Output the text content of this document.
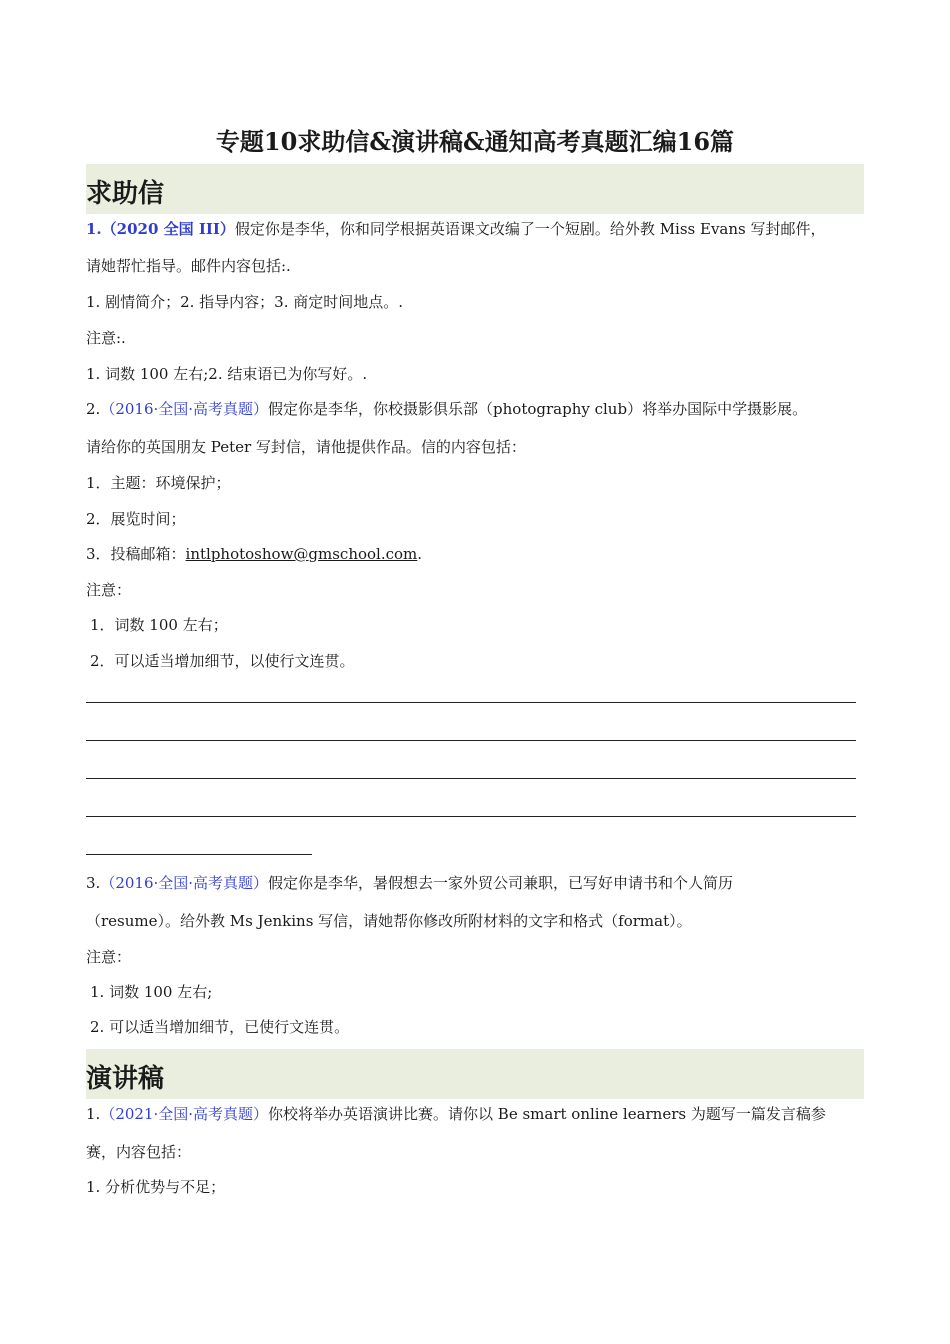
专题10求助信&演讲稿&通知高考真题汇编16篇
求助信
1.（2020 全国 III）假定你是李华，你和同学根据英语课文改编了一个短剧。给外教 Miss Evans 写封邮件，
请她帮忙指导。邮件内容包括:.
1. 剧情简介；2. 指导内容；3. 商定时间地点。.
注意:.
1. 词数 100 左右;2. 结束语已为你写好。.
2.（2016·全国·高考真题）假定你是李华，你校摄影俱乐部（photography club）将举办国际中学摄影展。
请给你的英国朋友 Peter 写封信，请他提供作品。信的内容包括：
1．主题：环境保护；
2．展览时间；
3．投稿邮箱：intlphotoshow@gmschool.com.
注意：
1．词数 100 左右；
2．可以适当增加细节，以使行文连贯。
3.（2016·全国·高考真题）假定你是李华，暑假想去一家外贸公司兼职，已写好申请书和个人简历
（resume）。给外教 Ms Jenkins 写信，请她帮你修改所附材料的文字和格式（format）。
注意：
1. 词数 100 左右;
2. 可以适当增加细节，已使行文连贯。
演讲稿
1.（2021·全国·高考真题）你校将举办英语演讲比赛。请你以 Be smart online learners 为题写一篇发言稿参
赛，内容包括：
1. 分析优势与不足；
